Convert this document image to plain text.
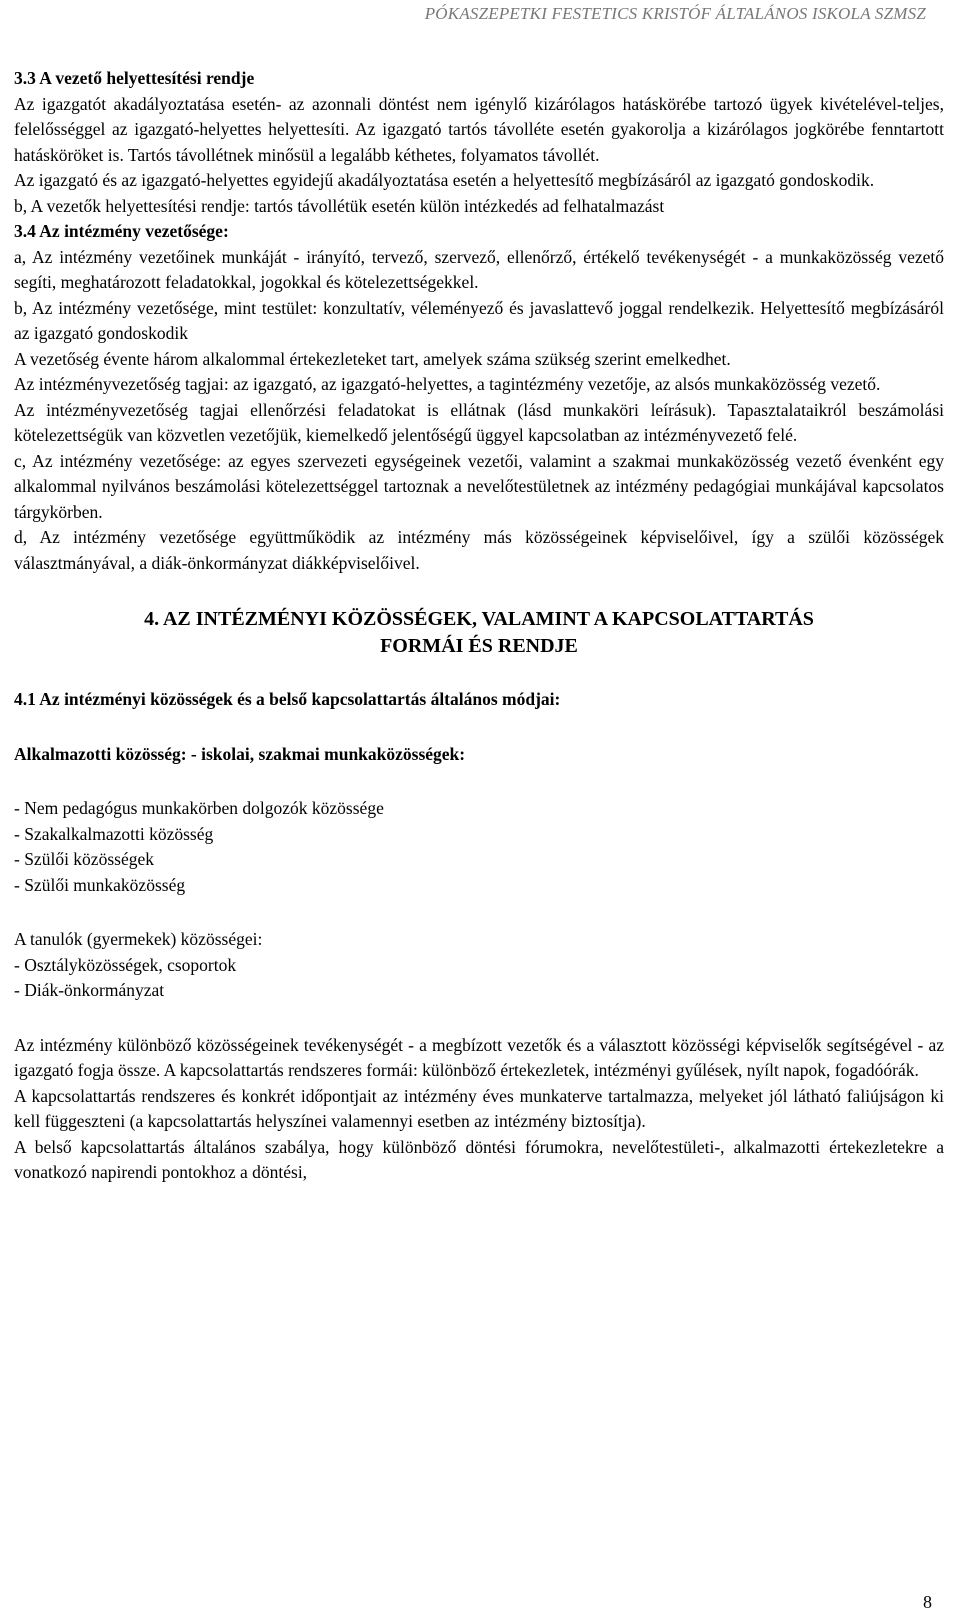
PÓKASZEPETKI FESTETICS KRISTÓF ÁLTALÁNOS ISKOLA SZMSZ

3.3 A vezető helyettesítési rendje

Az igazgatót akadályoztatása esetén- az azonnali döntést nem igénylő kizárólagos hatáskörébe tartozó ügyek kivételével-teljes, felelősséggel az igazgató-helyettes helyettesíti. Az igazgató tartós távolléte esetén gyakorolja a kizárólagos jogkörébe fenntartott hatásköröket is. Tartós távollétnek minősül a legalább kéthetes, folyamatos távollét.

Az igazgató és az igazgató-helyettes egyidejű akadályoztatása esetén a helyettesítő megbízásáról az igazgató gondoskodik.

b, A vezetők helyettesítési rendje: tartós távollétük esetén külön intézkedés ad felhatalmazást

3.4 Az intézmény vezetősége:

a, Az intézmény vezetőinek munkáját - irányító, tervező, szervező, ellenőrző, értékelő tevékenységét - a munkaközösség vezető segíti, meghatározott feladatokkal, jogokkal és kötelezettségekkel.

b, Az intézmény vezetősége, mint testület: konzultatív, véleményező és javaslattevő joggal rendelkezik. Helyettesítő megbízásáról az igazgató gondoskodik

A vezetőség évente három alkalommal értekezleteket tart, amelyek száma szükség szerint emelkedhet.

Az intézményvezetőség tagjai: az igazgató, az igazgató-helyettes, a tagintézmény vezetője, az alsós munkaközösség vezető.

Az intézményvezetőség tagjai ellenőrzési feladatokat is ellátnak (lásd munkaköri leírásuk). Tapasztalataikról beszámolási kötelezettségük van közvetlen vezetőjük, kiemelkedő jelentőségű üggyel kapcsolatban az intézményvezető felé.

c, Az intézmény vezetősége: az egyes szervezeti egységeinek vezetői, valamint a szakmai munkaközösség vezető évenként egy alkalommal nyilvános beszámolási kötelezettséggel tartoznak a nevelőtestületnek az intézmény pedagógiai munkájával kapcsolatos tárgykörben.

d, Az intézmény vezetősége együttműködik az intézmény más közösségeinek képviselőivel, így a szülői közösségek választmányával, a diák-önkormányzat diákképviselőivel.

4. AZ INTÉZMÉNYI KÖZÖSSÉGEK, VALAMINT A KAPCSOLATTARTÁS
FORMÁI ÉS RENDJE

4.1 Az intézményi közösségek és a belső kapcsolattartás általános módjai:

Alkalmazotti közösség: - iskolai, szakmai munkaközösségek:

- Nem pedagógus munkakörben dolgozók közössége

- Szakalkalmazotti közösség

- Szülői közösségek

- Szülői munkaközösség

A tanulók (gyermekek) közösségei:

- Osztályközösségek, csoportok

- Diák-önkormányzat

Az intézmény különböző közösségeinek tevékenységét - a megbízott vezetők és a választott közösségi képviselők segítségével - az igazgató fogja össze. A kapcsolattartás rendszeres formái: különböző értekezletek, intézményi gyűlések, nyílt napok, fogadóórák.

A kapcsolattartás rendszeres és konkrét időpontjait az intézmény éves munkaterve tartalmazza, melyeket jól látható faliújságon ki kell függeszteni (a kapcsolattartás helyszínei valamennyi esetben az intézmény biztosítja).

A belső kapcsolattartás általános szabálya, hogy különböző döntési fórumokra, nevelőtestületi-, alkalmazotti értekezletekre a vonatkozó napirendi pontokhoz a döntési,

8
